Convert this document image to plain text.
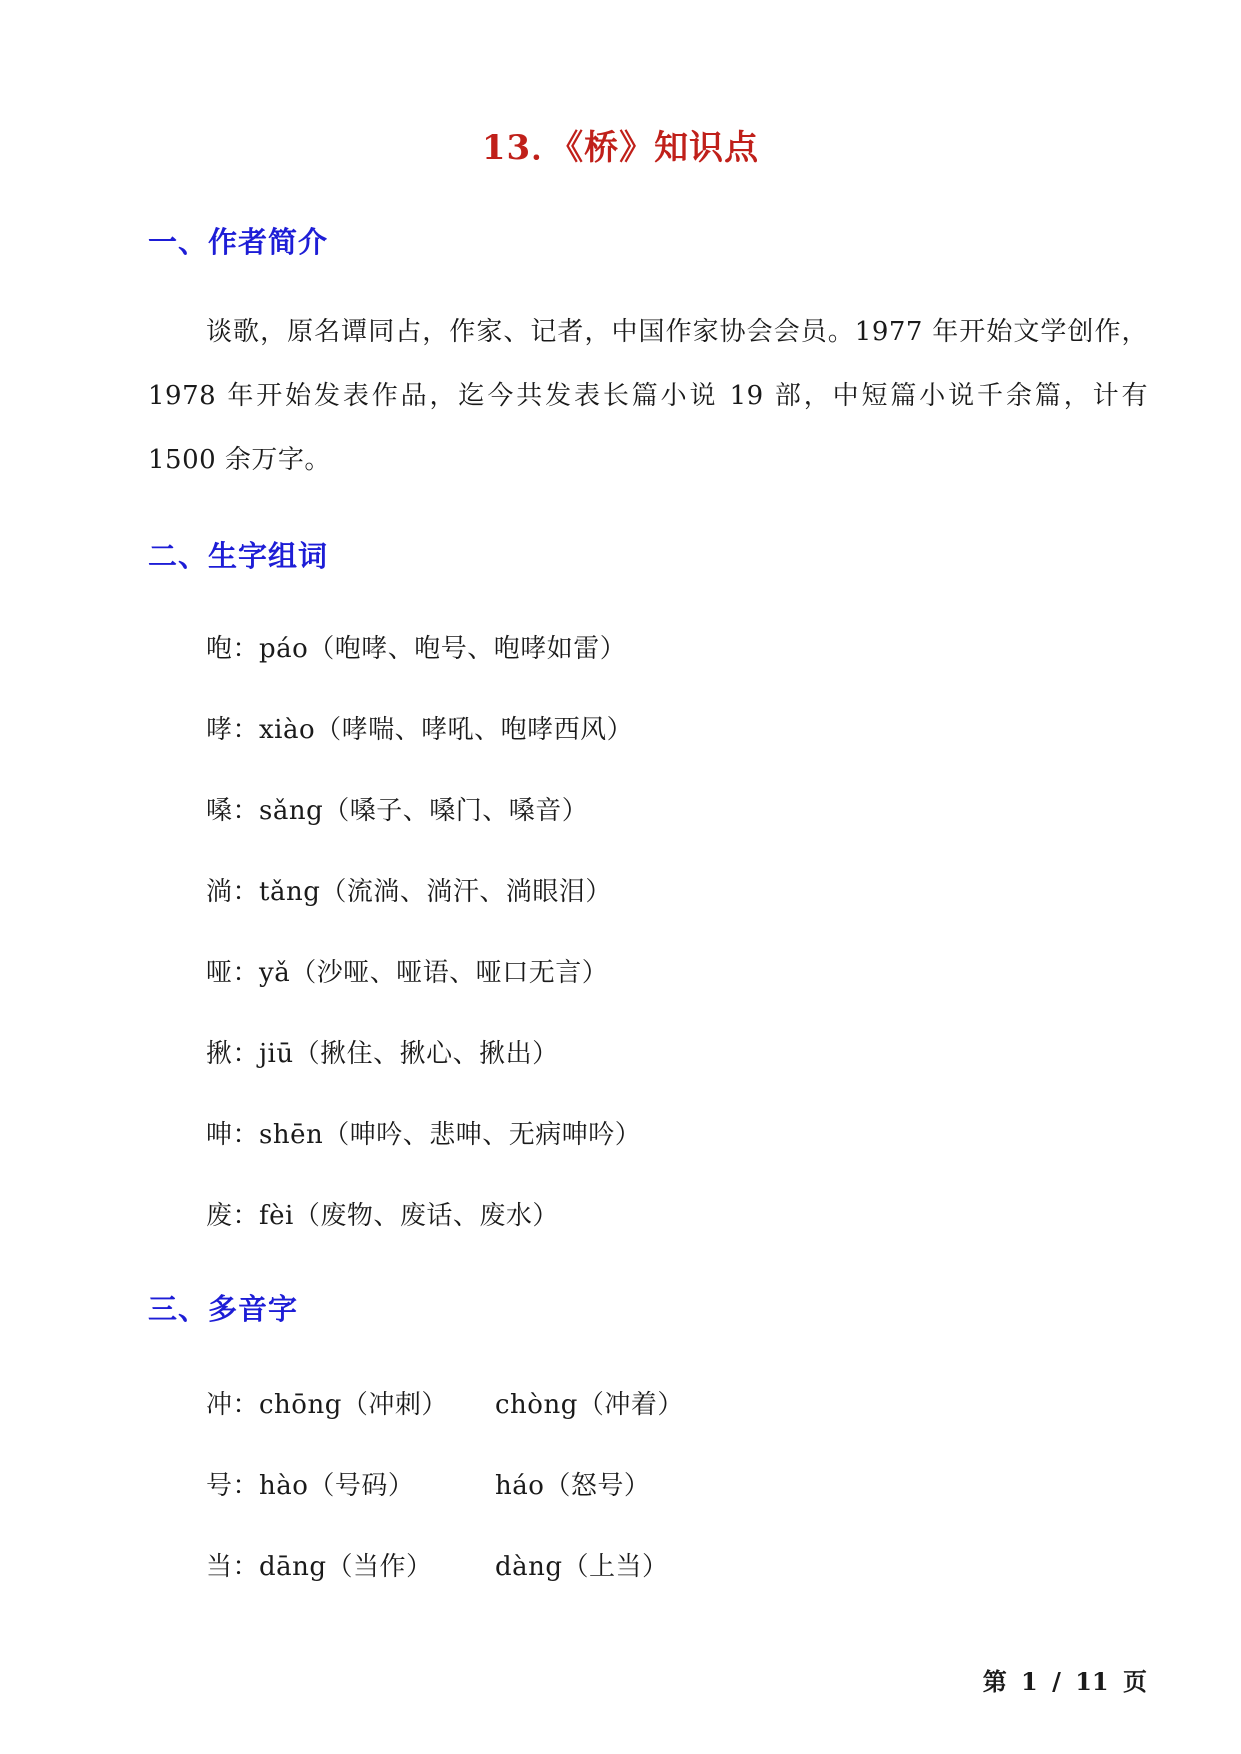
13．《桥》知识点
一、作者简介
谈歌，原名谭同占，作家、记者，中国作家协会会员。1977 年开始文学创作，1978 年开始发表作品，迄今共发表长篇小说 19 部，中短篇小说千余篇，计有 1500 余万字。
二、生字组词
咆：páo（咆哮、咆号、咆哮如雷）
哮：xiào（哮喘、哮吼、咆哮西风）
嗓：sǎng（嗓子、嗓门、嗓音）
淌：tǎng（流淌、淌汗、淌眼泪）
哑：yǎ（沙哑、哑语、哑口无言）
揪：jiū（揪住、揪心、揪出）
呻：shēn（呻吟、悲呻、无病呻吟）
废：fèi（废物、废话、废水）
三、多音字
冲：chōng（冲刺） chòng（冲着）
号：hào（号码）	háo（怒号）
当：dāng（当作） dàng（上当）
第 1 / 11 页
